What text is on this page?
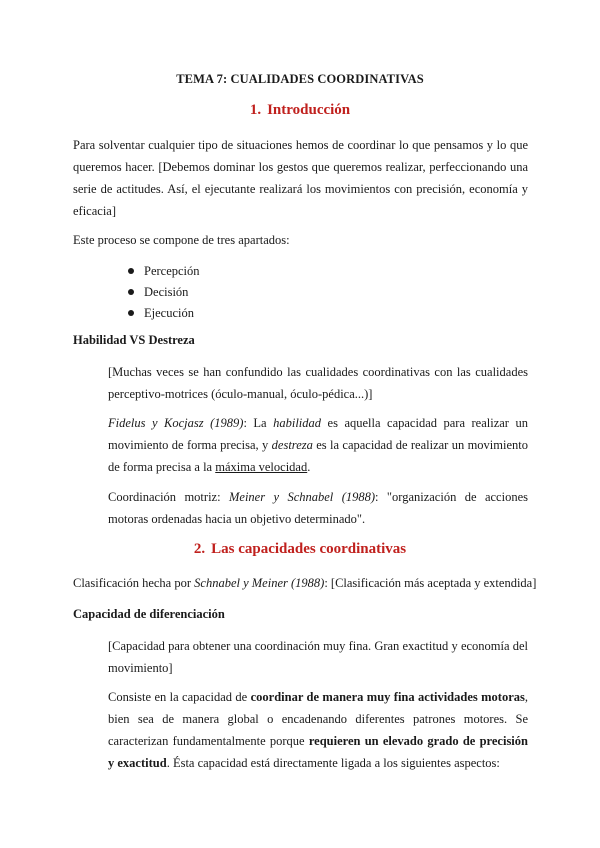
TEMA 7: CUALIDADES COORDINATIVAS
1. Introducción
Para solventar cualquier tipo de situaciones hemos de coordinar lo que pensamos y lo que queremos hacer. [Debemos dominar los gestos que queremos realizar, perfeccionando una serie de actitudes. Así, el ejecutante realizará los movimientos con precisión, economía y eficacia]
Este proceso se compone de tres apartados:
Percepción
Decisión
Ejecución
Habilidad VS Destreza
[Muchas veces se han confundido las cualidades coordinativas con las cualidades perceptivo-motrices (óculo-manual, óculo-pédica...)]
Fidelus y Kocjasz (1989): La habilidad es aquella capacidad para realizar un movimiento de forma precisa, y destreza es la capacidad de realizar un movimiento de forma precisa a la máxima velocidad.
Coordinación motriz: Meiner y Schnabel (1988): "organización de acciones motoras ordenadas hacia un objetivo determinado".
2. Las capacidades coordinativas
Clasificación hecha por Schnabel y Meiner (1988): [Clasificación más aceptada y extendida]
Capacidad de diferenciación
[Capacidad para obtener una coordinación muy fina. Gran exactitud y economía del movimiento]
Consiste en la capacidad de coordinar de manera muy fina actividades motoras, bien sea de manera global o encadenando diferentes patrones motores. Se caracterizan fundamentalmente porque requieren un elevado grado de precisión y exactitud. Ésta capacidad está directamente ligada a los siguientes aspectos:
